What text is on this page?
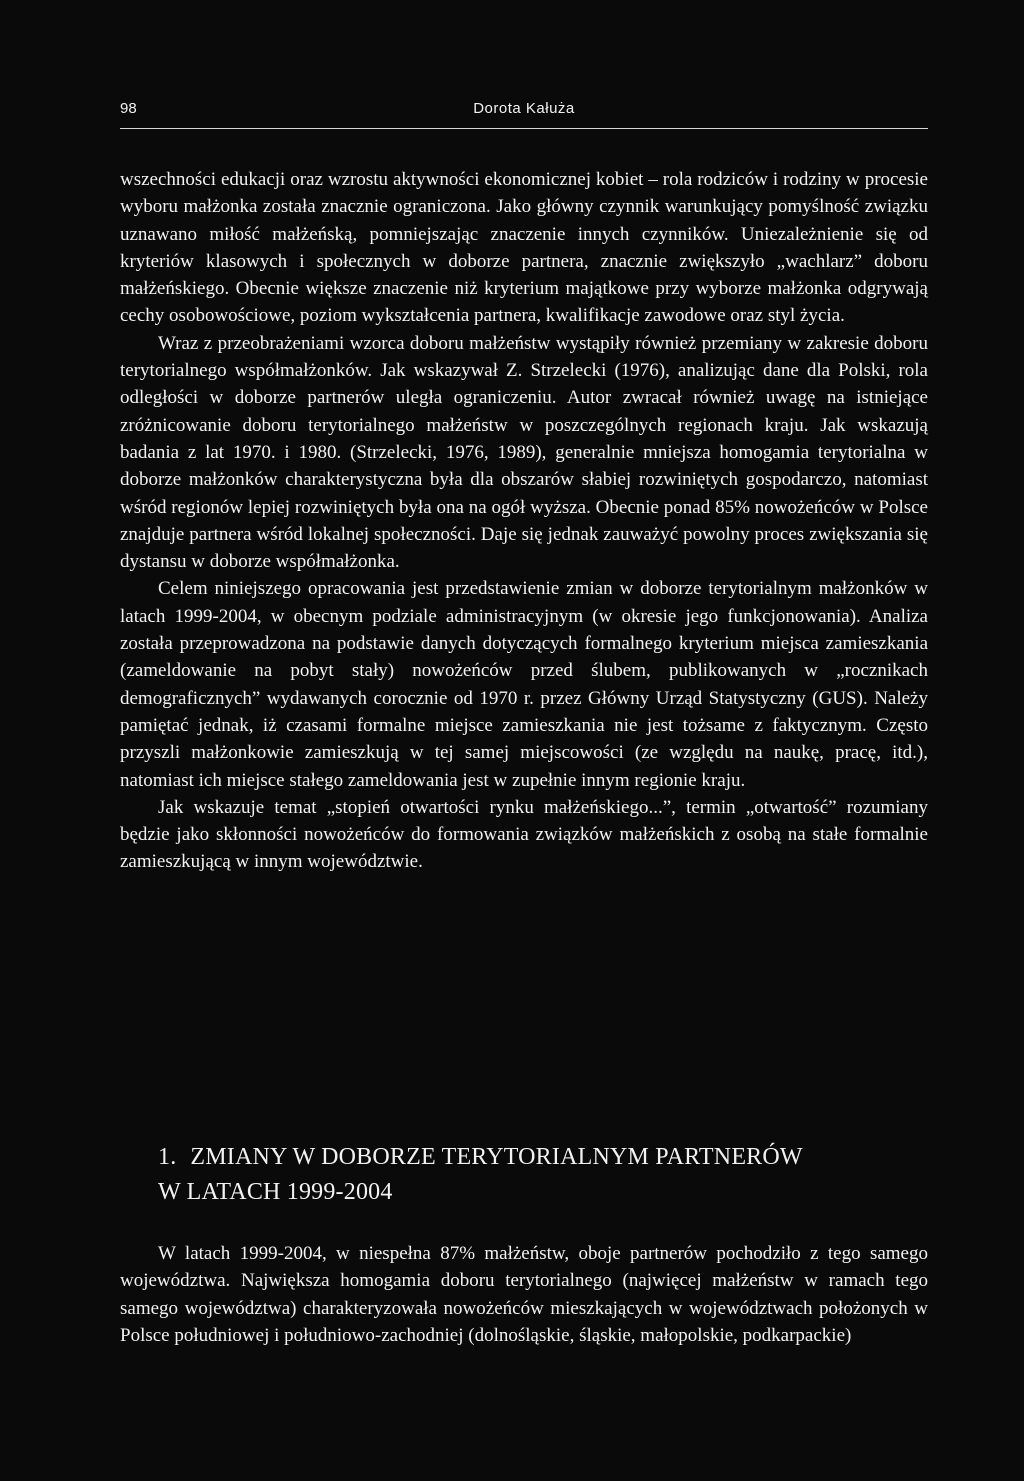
98	Dorota Kałuża

wszechności edukacji oraz wzrostu aktywności ekonomicznej kobiet – rola rodziców i rodziny w procesie wyboru małżonka została znacznie ograniczona. Jako główny czynnik warunkujący pomyślność związku uznawano miłość małżeńską, pomniejszając znaczenie innych czynników. Uniezależnienie się od kryteriów klasowych i społecznych w doborze partnera, znacznie zwiększyło „wachlarz” doboru małżeńskiego. Obecnie większe znaczenie niż kryterium majątkowe przy wyborze małżonka odgrywają cechy osobowościowe, poziom wykształcenia partnera, kwalifikacje zawodowe oraz styl życia.

Wraz z przeobrażeniami wzorca doboru małżeństw wystąpiły również przemiany w zakresie doboru terytorialnego współmałżonków. Jak wskazywał Z. Strzelecki (1976), analizując dane dla Polski, rola odległości w doborze partnerów uległa ograniczeniu. Autor zwracał również uwagę na istniejące zróżnicowanie doboru terytorialnego małżeństw w poszczególnych regionach kraju. Jak wskazują badania z lat 1970. i 1980. (Strzelecki, 1976, 1989), generalnie mniejsza homogamia terytorialna w doborze małżonków charakterystyczna była dla obszarów słabiej rozwiniętych gospodarczo, natomiast wśród regionów lepiej rozwiniętych była ona na ogół wyższa. Obecnie ponad 85% nowożeńców w Polsce znajduje partnera wśród lokalnej społeczności. Daje się jednak zauważyć powolny proces zwiększania się dystansu w doborze współmałżonka.

Celem niniejszego opracowania jest przedstawienie zmian w doborze terytorialnym małżonków w latach 1999-2004, w obecnym podziale administracyjnym (w okresie jego funkcjonowania). Analiza została przeprowadzona na podstawie danych dotyczących formalnego kryterium miejsca zamieszkania (zameldowanie na pobyt stały) nowożeńców przed ślubem, publikowanych w „rocznikach demograficznych” wydawanych corocznie od 1970 r. przez Główny Urząd Statystyczny (GUS). Należy pamiętać jednak, iż czasami formalne miejsce zamieszkania nie jest tożsame z faktycznym. Często przyszli małżonkowie zamieszkują w tej samej miejscowości (ze względu na naukę, pracę, itd.), natomiast ich miejsce stałego zameldowania jest w zupełnie innym regionie kraju.

Jak wskazuje temat „stopień otwartości rynku małżeńskiego...”, termin „otwartość” rozumiany będzie jako skłonności nowożeńców do formowania związków małżeńskich z osobą na stałe formalnie zamieszkującą w innym województwie.

1. ZMIANY W DOBORZE TERYTORIALNYM PARTNERÓW
W LATACH 1999-2004

W latach 1999-2004, w niespełna 87% małżeństw, oboje partnerów pochodziło z tego samego województwa. Największa homogamia doboru terytorialnego (najwięcej małżeństw w ramach tego samego województwa) charakteryzowała nowożeńców mieszkających w województwach położonych w Polsce południowej i południowo-zachodniej (dolnośląskie, śląskie, małopolskie, podkarpackie)
